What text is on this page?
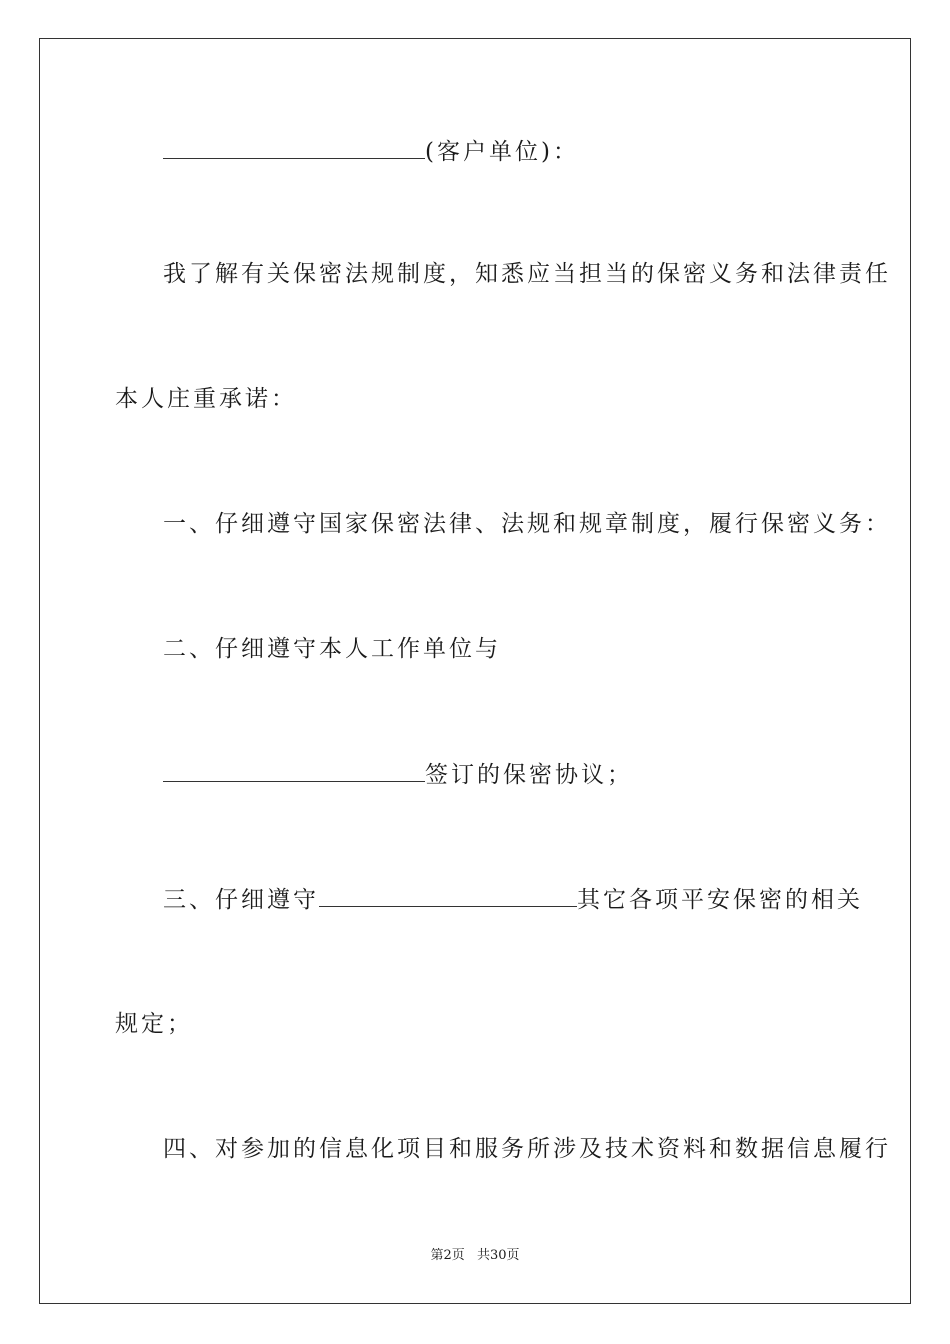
(客户单位)：
我了解有关保密法规制度，知悉应当担当的保密义务和法律责任
本人庄重承诺：
一、仔细遵守国家保密法律、法规和规章制度，履行保密义务：
二、仔细遵守本人工作单位与
签订的保密协议；
三、仔细遵守	其它各项平安保密的相关
规定；
四、对参加的信息化项目和服务所涉及技术资料和数据信息履行
第2页 共30页
